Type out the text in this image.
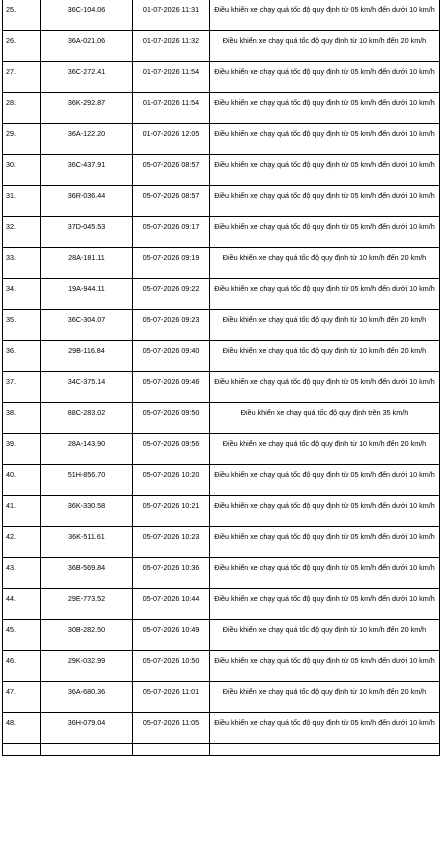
25.	36C-104.06	01-07-2026 11:31	Điều khiển xe chạy quá tốc độ quy định từ 05 km/h đến dưới 10 km/h
26.	36A-021.06	01-07-2026 11:32	Điều khiển xe chạy quá tốc độ quy định từ 10 km/h đến 20 km/h
27.	36C-272.41	01-07-2026 11:54	Điều khiển xe chạy quá tốc độ quy định từ 05 km/h đến dưới 10 km/h
28.	36K-292.87	01-07-2026 11:54	Điều khiển xe chạy quá tốc độ quy định từ 05 km/h đến dưới 10 km/h
29.	36A-122.20	01-07-2026 12:05	Điều khiển xe chạy quá tốc độ quy định từ 05 km/h đến dưới 10 km/h
30.	36C-437.91	05-07-2026 08:57	Điều khiển xe chạy quá tốc độ quy định từ 05 km/h đến dưới 10 km/h
31.	36R-036.44	05-07-2026 08:57	Điều khiển xe chạy quá tốc độ quy định từ 05 km/h đến dưới 10 km/h
32.	37D-045.53	05-07-2026 09:17	Điều khiển xe chạy quá tốc độ quy định từ 05 km/h đến dưới 10 km/h
33.	28A-181.11	05-07-2026 09:19	Điều khiển xe chạy quá tốc độ quy định từ 10 km/h đến 20 km/h
34.	19A-944.11	05-07-2026 09:22	Điều khiển xe chạy quá tốc độ quy định từ 05 km/h đến dưới 10 km/h
35.	36C-304.07	05-07-2026 09:23	Điều khiển xe chạy quá tốc độ quy định từ 10 km/h đến 20 km/h
36.	29B-116.84	05-07-2026 09:40	Điều khiển xe chạy quá tốc độ quy định từ 10 km/h đến 20 km/h
37.	34C-375.14	05-07-2026 09:46	Điều khiển xe chạy quá tốc độ quy định từ 05 km/h đến dưới 10 km/h
38.	88C-283.02	05-07-2026 09:50	Điều khiển xe chạy quá tốc độ quy định trên 35 km/h
39.	28A-143.90	05-07-2026 09:56	Điều khiển xe chạy quá tốc độ quy định từ 10 km/h đến 20 km/h
40.	51H-856.70	05-07-2026 10:20	Điều khiển xe chạy quá tốc độ quy định từ 05 km/h đến dưới 10 km/h
41.	36K-330.58	05-07-2026 10:21	Điều khiển xe chạy quá tốc độ quy định từ 05 km/h đến dưới 10 km/h
42.	36K-511.61	05-07-2026 10:23	Điều khiển xe chạy quá tốc độ quy định từ 05 km/h đến dưới 10 km/h
43.	36B-569.84	05-07-2026 10:36	Điều khiển xe chạy quá tốc độ quy định từ 05 km/h đến dưới 10 km/h
44.	29E-773.52	05-07-2026 10:44	Điều khiển xe chạy quá tốc độ quy định từ 05 km/h đến dưới 10 km/h
45.	30B-282.50	05-07-2026 10:49	Điều khiển xe chạy quá tốc độ quy định từ 10 km/h đến 20 km/h
46.	29K-032.99	05-07-2026 10:50	Điều khiển xe chạy quá tốc độ quy định từ 05 km/h đến dưới 10 km/h
47.	36A-680.36	05-07-2026 11:01	Điều khiển xe chạy quá tốc độ quy định từ 10 km/h đến 20 km/h
48.	36H-079.04	05-07-2026 11:05	Điều khiển xe chạy quá tốc độ quy định từ 05 km/h đến dưới 10 km/h
